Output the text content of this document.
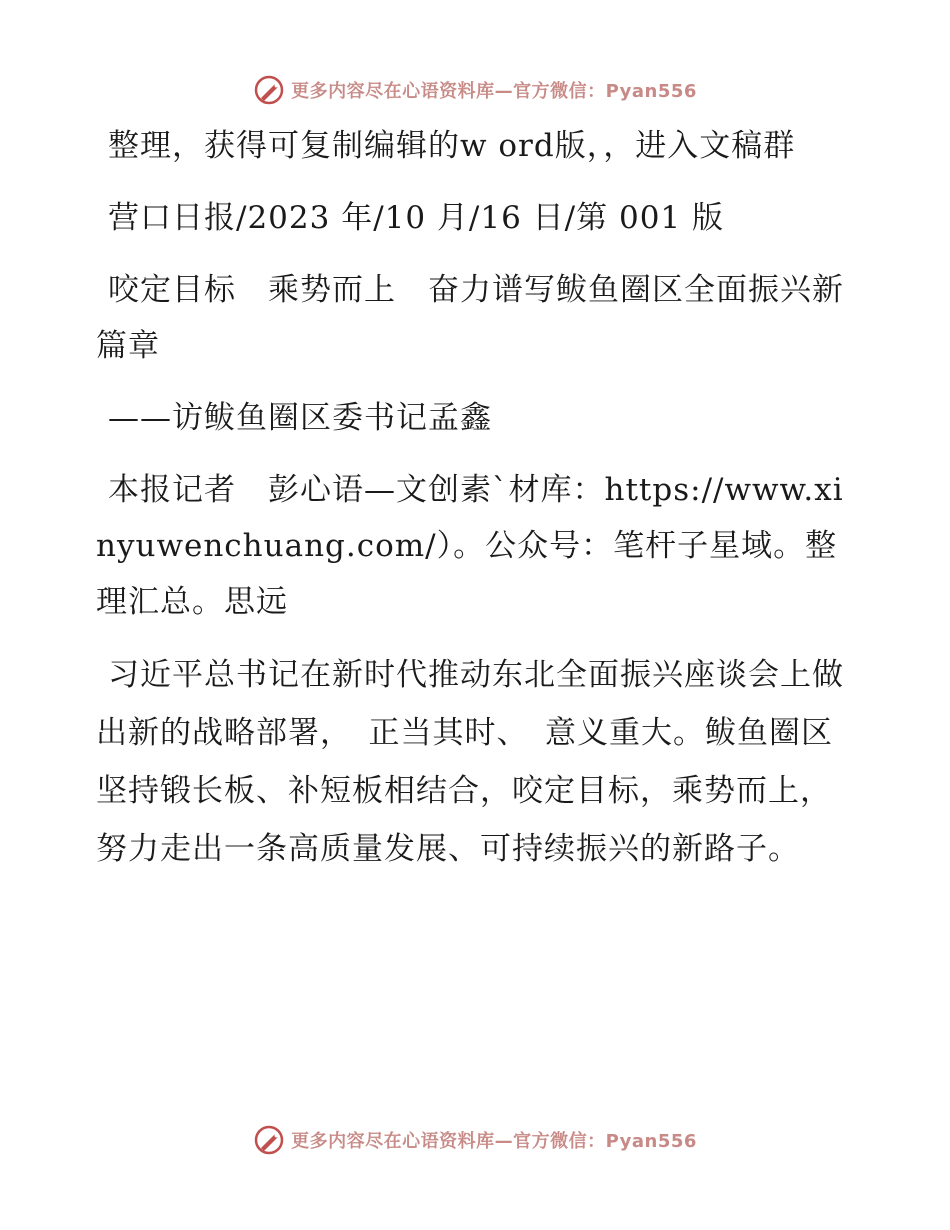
更多内容尽在心语资料库—官方微信：Pyan556

整理，获得可复制编辑的w ord版，，进入文稿群

营口日报/2023 年/10 月/16 日/第 001 版

咬定目标　乘势而上　奋力谱写鲅鱼圈区全面振兴新篇章

——访鲅鱼圈区委书记孟鑫

本报记者　彭心语—文创素`材库：https://www.xinyuwenchuang.com/）。公众号：笔杆子星域。整理汇总。思远

习近平总书记在新时代推动东北全面振兴座谈会上做出新的战略部署，　正当其时、　意义重大。鲅鱼圈区坚持锻长板、补短板相结合，咬定目标，乘势而上，努力走出一条高质量发展、可持续振兴的新路子。

更多内容尽在心语资料库—官方微信：Pyan556
